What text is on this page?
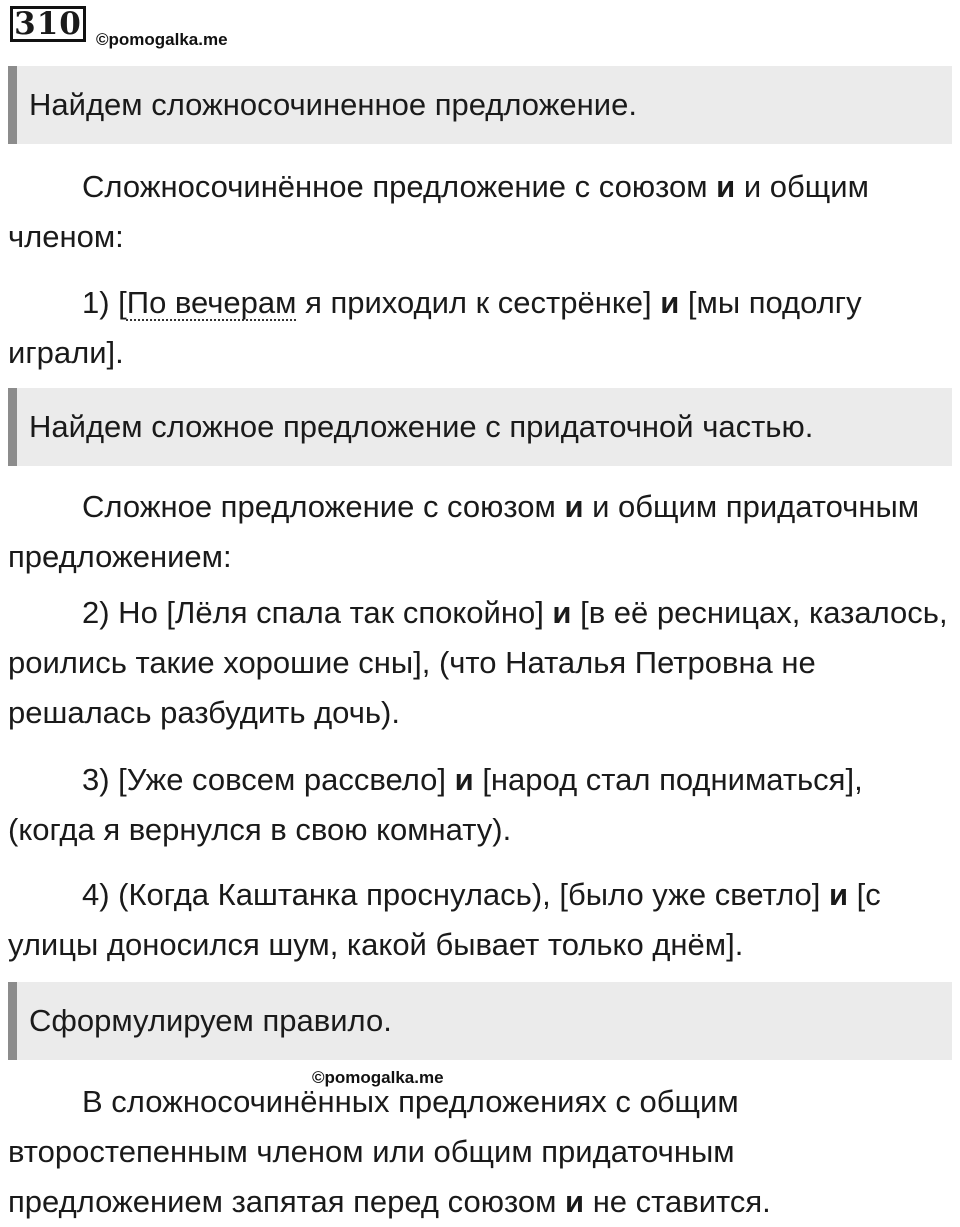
310 ©pomogalka.me
Найдем сложносочиненное предложение.
Сложносочинённое предложение с союзом и и общим членом:
1) [По вечерам я приходил к сестрёнке] и [мы подолгу играли].
Найдем сложное предложение с придаточной частью.
Сложное предложение с союзом и и общим придаточным предложением:
2) Но [Лёля спала так спокойно] и [в её ресницах, казалось, роились такие хорошие сны], (что Наталья Петровна не решалась разбудить дочь).
3) [Уже совсем рассвело] и [народ стал подниматься], (когда я вернулся в свою комнату).
4) (Когда Каштанка проснулась), [было уже светло] и [с улицы доносился шум, какой бывает только днём].
Сформулируем правило.
©pomogalka.me
В сложносочинённых предложениях с общим второстепенным членом или общим придаточным предложением запятая перед союзом и не ставится.
